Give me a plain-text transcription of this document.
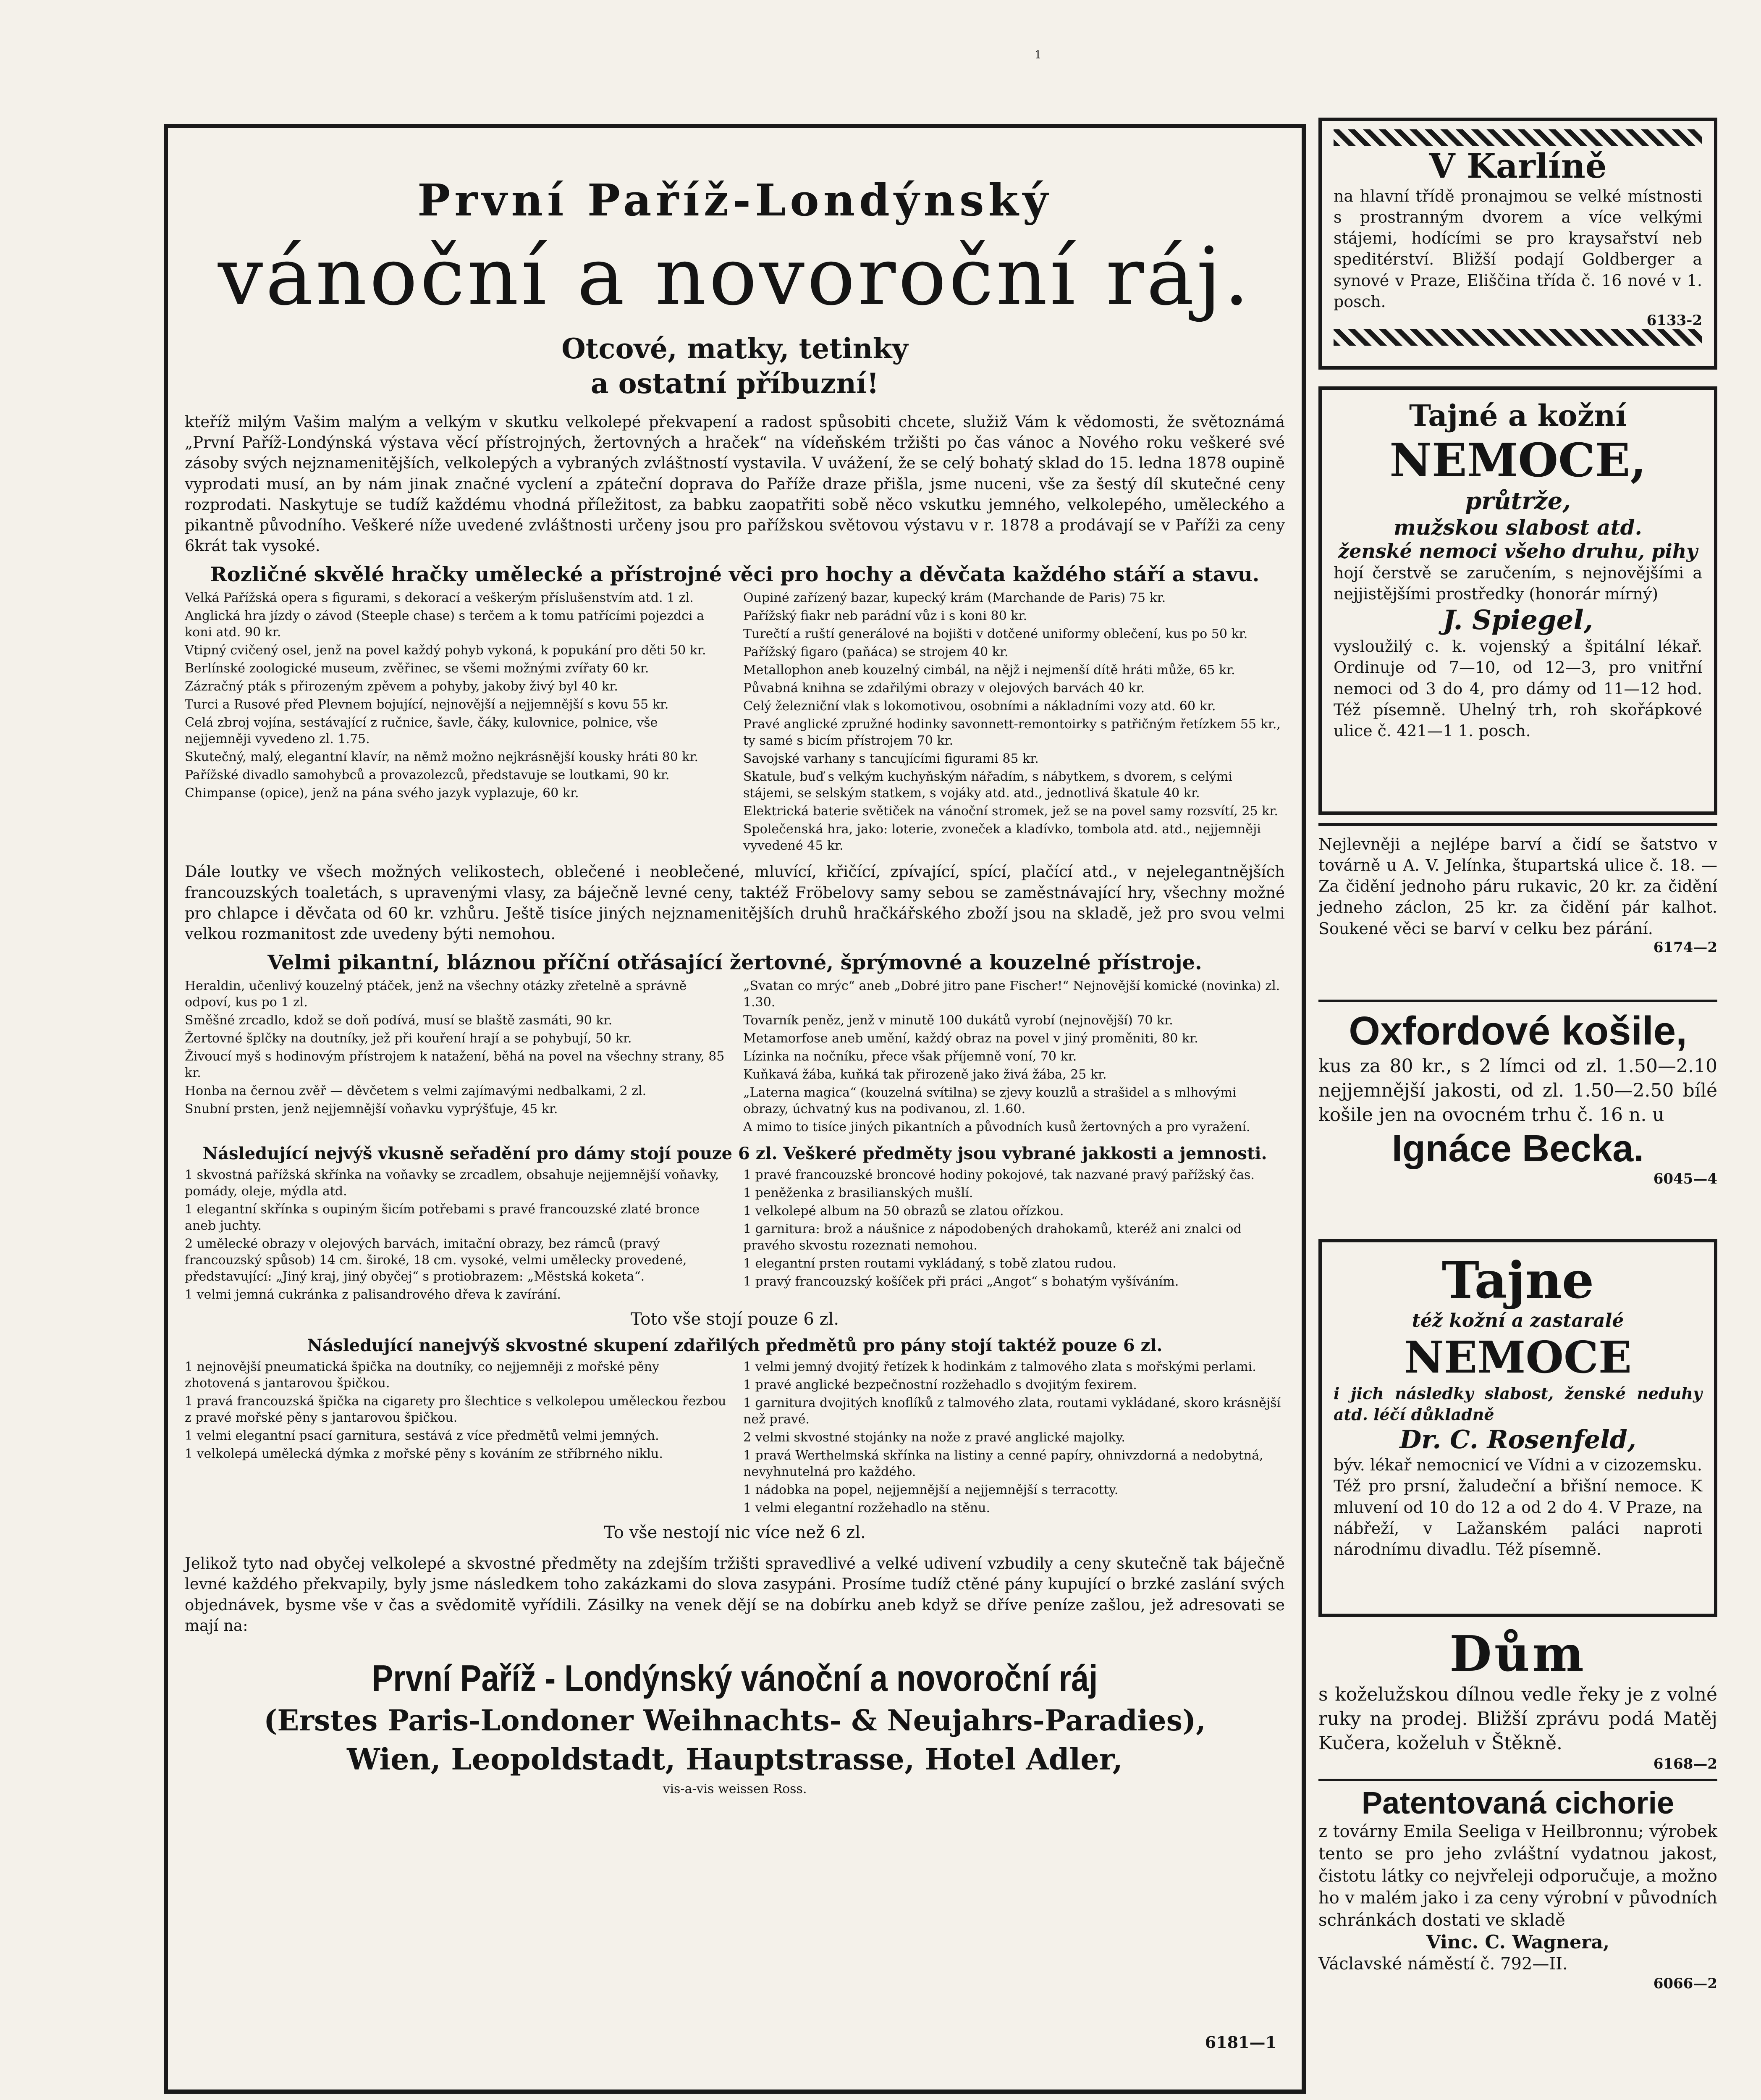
1

První Paříž-Londýnský

vánoční a novoroční ráj.

Otcové, matky, tetinky

a ostatní příbuzní!

kteříž milým Vašim malým a velkým v skutku velkolepé překvapení a radost spůsobiti chcete, služiž Vám k vědomosti, že světoznámá „První Paříž-Londýnská výstava věcí přístrojných, žertovných a hraček“ na vídeňském tržišti po čas vánoc a Nového roku veškeré své zásoby svých nejznamenitějších, velkolepých a vybraných zvláštností vystavila. V uvážení, že se celý bohatý sklad do 15. ledna 1878 oupině vyprodati musí, an by nám jinak značné vyclení a zpáteční doprava do Paříže draze přišla, jsme nuceni, vše za šestý díl skutečné ceny rozprodati. Naskytuje se tudíž každému vhodná příležitost, za babku zaopatřiti sobě něco vskutku jemného, velkolepého, uměleckého a pikantně původního. Veškeré níže uvedené zvláštnosti určeny jsou pro pařížskou světovou výstavu v r. 1878 a prodávají se v Paříži za ceny 6krát tak vysoké.

Rozličné skvělé hračky umělecké a přístrojné věci pro hochy a děvčata každého stáří a stavu.

Velká Pařížská opera s figurami, s dekorací a veškerým příslušenstvím atd. 1 zl.

Anglická hra jízdy o závod (Steeple chase) s terčem a k tomu patřícími pojezdci a koni atd. 90 kr.

Vtipný cvičený osel, jenž na povel každý pohyb vykoná, k popukání pro děti 50 kr.

Berlínské zoologické museum, zvěřinec, se všemi možnými zvířaty 60 kr.

Zázračný pták s přirozeným zpěvem a pohyby, jakoby živý byl 40 kr.

Turci a Rusové před Plevnem bojující, nejnovější a nejjemnější s kovu 55 kr.

Celá zbroj vojína, sestávající z ručnice, šavle, čáky, kulovnice, polnice, vše nejjemněji vyvedeno zl. 1.75.

Skutečný, malý, elegantní klavír, na němž možno nejkrásnější kousky hráti 80 kr.

Pařížské divadlo samohybců a provazolezců, představuje se loutkami, 90 kr.

Chimpanse (opice), jenž na pána svého jazyk vyplazuje, 60 kr.

Oupiné zařízený bazar, kupecký krám (Marchande de Paris) 75 kr.

Pařížský fiakr neb parádní vůz i s koni 80 kr.

Turečtí a ruští generálové na bojišti v dotčené uniformy oblečení, kus po 50 kr.

Pařížský figaro (paňáca) se strojem 40 kr.

Metallophon aneb kouzelný cimbál, na nějž i nejmenší dítě hráti může, 65 kr.

Půvabná knihna se zdařilými obrazy v olejových barvách 40 kr.

Celý železniční vlak s lokomotivou, osobními a nákladními vozy atd. 60 kr.

Pravé anglické zpružné hodinky savonnett-remontoirky s patřičným řetízkem 55 kr., ty samé s bicím přístrojem 70 kr.

Savojské varhany s tancujícími figurami 85 kr.

Skatule, buď s velkým kuchyňským nářadím, s nábytkem, s dvorem, s celými stájemi, se selským statkem, s vojáky atd. atd., jednotlivá škatule 40 kr.

Elektrická baterie světiček na vánoční stromek, jež se na povel samy rozsvítí, 25 kr.

Společenská hra, jako: loterie, zvoneček a kladívko, tombola atd. atd., nejjemněji vyvedené 45 kr.

Dále loutky ve všech možných velikostech, oblečené i neoblečené, mluvící, křičící, zpívající, spící, plačící atd., v nejelegantnějších francouzských toaletách, s upravenými vlasy, za báječně levné ceny, taktéž Fröbelovy samy sebou se zaměstnávající hry, všechny možné pro chlapce i děvčata od 60 kr. vzhůru. Ještě tisíce jiných nejznamenitějších druhů hračkářského zboží jsou na skladě, jež pro svou velmi velkou rozmanitost zde uvedeny býti nemohou.

Velmi pikantní, bláznou příční otřásající žertovné, šprýmovné a kouzelné přístroje.

Heraldin, učenlivý kouzelný ptáček, jenž na všechny otázky zřetelně a správně odpoví, kus po 1 zl.

Směšné zrcadlo, kdož se doň podívá, musí se blaště zasmáti, 90 kr.

Žertovné šplčky na doutníky, jež při kouření hrají a se pohybují, 50 kr.

Živoucí myš s hodinovým přístrojem k natažení, běhá na povel na všechny strany, 85 kr.

Honba na černou zvěř — děvčetem s velmi zajímavými nedbalkami, 2 zl.

Snubní prsten, jenž nejjemnější voňavku vyprýšťuje, 45 kr.

„Svatan co mrýc“ aneb „Dobré jitro pane Fischer!“ Nejnovější komické (novinka) zl. 1.30.

Tovarník peněz, jenž v minutě 100 dukátů vyrobí (nejnovější) 70 kr.

Metamorfose aneb umění, každý obraz na povel v jiný proměniti, 80 kr.

Lízinka na nočníku, přece však příjemně voní, 70 kr.

Kuňkavá žába, kuňká tak přirozeně jako živá žába, 25 kr.

„Laterna magica“ (kouzelná svítilna) se zjevy kouzlů a strašidel a s mlhovými obrazy, úchvatný kus na podivanou, zl. 1.60.

A mimo to tisíce jiných pikantních a původních kusů žertovných a pro vyražení.

Následující nejvýš vkusně seřadění pro dámy stojí pouze 6 zl. Veškeré předměty jsou vybrané jakkosti a jemnosti.

1 skvostná pařížská skřínka na voňavky se zrcadlem, obsahuje nejjemnější voňavky, pomády, oleje, mýdla atd.

1 elegantní skřínka s oupiným šicím potřebami s pravé francouzské zlaté bronce aneb juchty.

2 umělecké obrazy v olejových barvách, imitační obrazy, bez rámců (pravý francouzský spůsob) 14 cm. široké, 18 cm. vysoké, velmi umělecky provedené, představující: „Jiný kraj, jiný obyčej“ s protiobrazem: „Městská koketa“.

1 velmi jemná cukránka z palisandrového dřeva k zavírání.

1 pravé francouzské broncové hodiny pokojové, tak nazvané pravý pařížský čas.

1 peněženka z brasilianských mušlí.

1 velkolepé album na 50 obrazů se zlatou ořízkou.

1 garnitura: brož a náušnice z nápodobených drahokamů, kteréž ani znalci od pravého skvostu rozeznati nemohou.

1 elegantní prsten routami vykládaný, s tobě zlatou rudou.

1 pravý francouzský košíček při práci „Angot“ s bohatým vyšíváním.

Toto vše stojí pouze 6 zl.

Následující nanejvýš skvostné skupení zdařilých předmětů pro pány stojí taktéž pouze 6 zl.

1 nejnovější pneumatická špička na doutníky, co nejjemněji z mořské pěny zhotovená s jantarovou špičkou.

1 pravá francouzská špička na cigarety pro šlechtice s velkolepou uměleckou řezbou z pravé mořské pěny s jantarovou špičkou.

1 velmi elegantní psací garnitura, sestává z více předmětů velmi jemných.

1 velkolepá umělecká dýmka z mořské pěny s kováním ze stříbrného niklu.

1 velmi jemný dvojitý řetízek k hodinkám z talmového zlata s mořskými perlami.

1 pravé anglické bezpečnostní rozžehadlo s dvojitým fexirem.

1 garnitura dvojitých knoflíků z talmového zlata, routami vykládané, skoro krásnější než pravé.

2 velmi skvostné stojánky na nože z pravé anglické majolky.

1 pravá Werthelmská skřínka na listiny a cenné papíry, ohnivzdorná a nedobytná, nevyhnutelná pro každého.

1 nádobka na popel, nejjemnější a nejjemnější s terracotty.

1 velmi elegantní rozžehadlo na stěnu.

To vše nestojí nic více než 6 zl.

Jelikož tyto nad obyčej velkolepé a skvostné předměty na zdejším tržišti spravedlivé a velké udivení vzbudily a ceny skutečně tak báječně levné každého překvapily, byly jsme následkem toho zakázkami do slova zasypáni. Prosíme tudíž ctěné pány kupující o brzké zaslání svých objednávek, bysme vše v čas a svědomitě vyřídili. Zásilky na venek dějí se na dobírku aneb když se dříve peníze zašlou, jež adresovati se mají na:

První Paříž - Londýnský vánoční a novoroční ráj

(Erstes Paris-Londoner Weihnachts- & Neujahrs-Paradies),

Wien, Leopoldstadt, Hauptstrasse, Hotel Adler,

vis-a-vis weissen Ross.

6181—1

V Karlíně

na hlavní třídě pronajmou se velké místnosti s prostranným dvorem a více velkými stájemi, hodícími se pro kraysařství neb speditérství. Bližší podají Goldberger a synové v Praze, Eliščina třída č. 16 nové v 1. posch.

6133-2

Tajné a kožní

NEMOCE,

průtrže,

mužskou slabost atd.

ženské nemoci všeho druhu, pihy

hojí čerstvě se zaručením, s nejnovějšími a nejjistějšími prostředky (honorár mírný)

J. Spiegel,

vysloužilý c. k. vojenský a špitální lékař. Ordinuje od 7—10, od 12—3, pro vnitřní nemoci od 3 do 4, pro dámy od 11—12 hod. Též písemně. Uhelný trh, roh skořápkové ulice č. 421—1 1. posch.

Nejlevněji a nejlépe barví a čidí se šatstvo v továrně u A. V. Jelínka, štupartská ulice č. 18. — Za čidění jednoho páru rukavic, 20 kr. za čidění jedneho záclon, 25 kr. za čidění pár kalhot. Soukené věci se barví v celku bez párání.

6174—2

Oxfordové košile,

kus za 80 kr., s 2 límci od zl. 1.50—2.10 nejjemnější jakosti, od zl. 1.50—2.50 bílé košile jen na ovocném trhu č. 16 n. u

Ignáce Becka.

6045—4

Tajne

též kožní a zastaralé

NEMOCE

i jich následky slabost, ženské neduhy atd. léčí důkladně

Dr. C. Rosenfeld,

býv. lékař nemocnicí ve Vídni a v cizozemsku. Též pro prsní, žaludeční a břišní nemoce. K mluvení od 10 do 12 a od 2 do 4. V Praze, na nábřeží, v Lažanském paláci naproti národnímu divadlu. Též písemně.

Dům

s koželužskou dílnou vedle řeky je z volné ruky na prodej. Bližší zprávu podá Matěj Kučera, koželuh v Štěkně.

6168—2

Patentovaná cichorie

z továrny Emila Seeliga v Heilbronnu; výrobek tento se pro jeho zvláštní vydatnou jakost, čistotu látky co nejvřeleji odporučuje, a možno ho v malém jako i za ceny výrobní v původních schránkách dostati ve skladě

Vinc. C. Wagnera,

Václavské náměstí č. 792—II.

6066—2
